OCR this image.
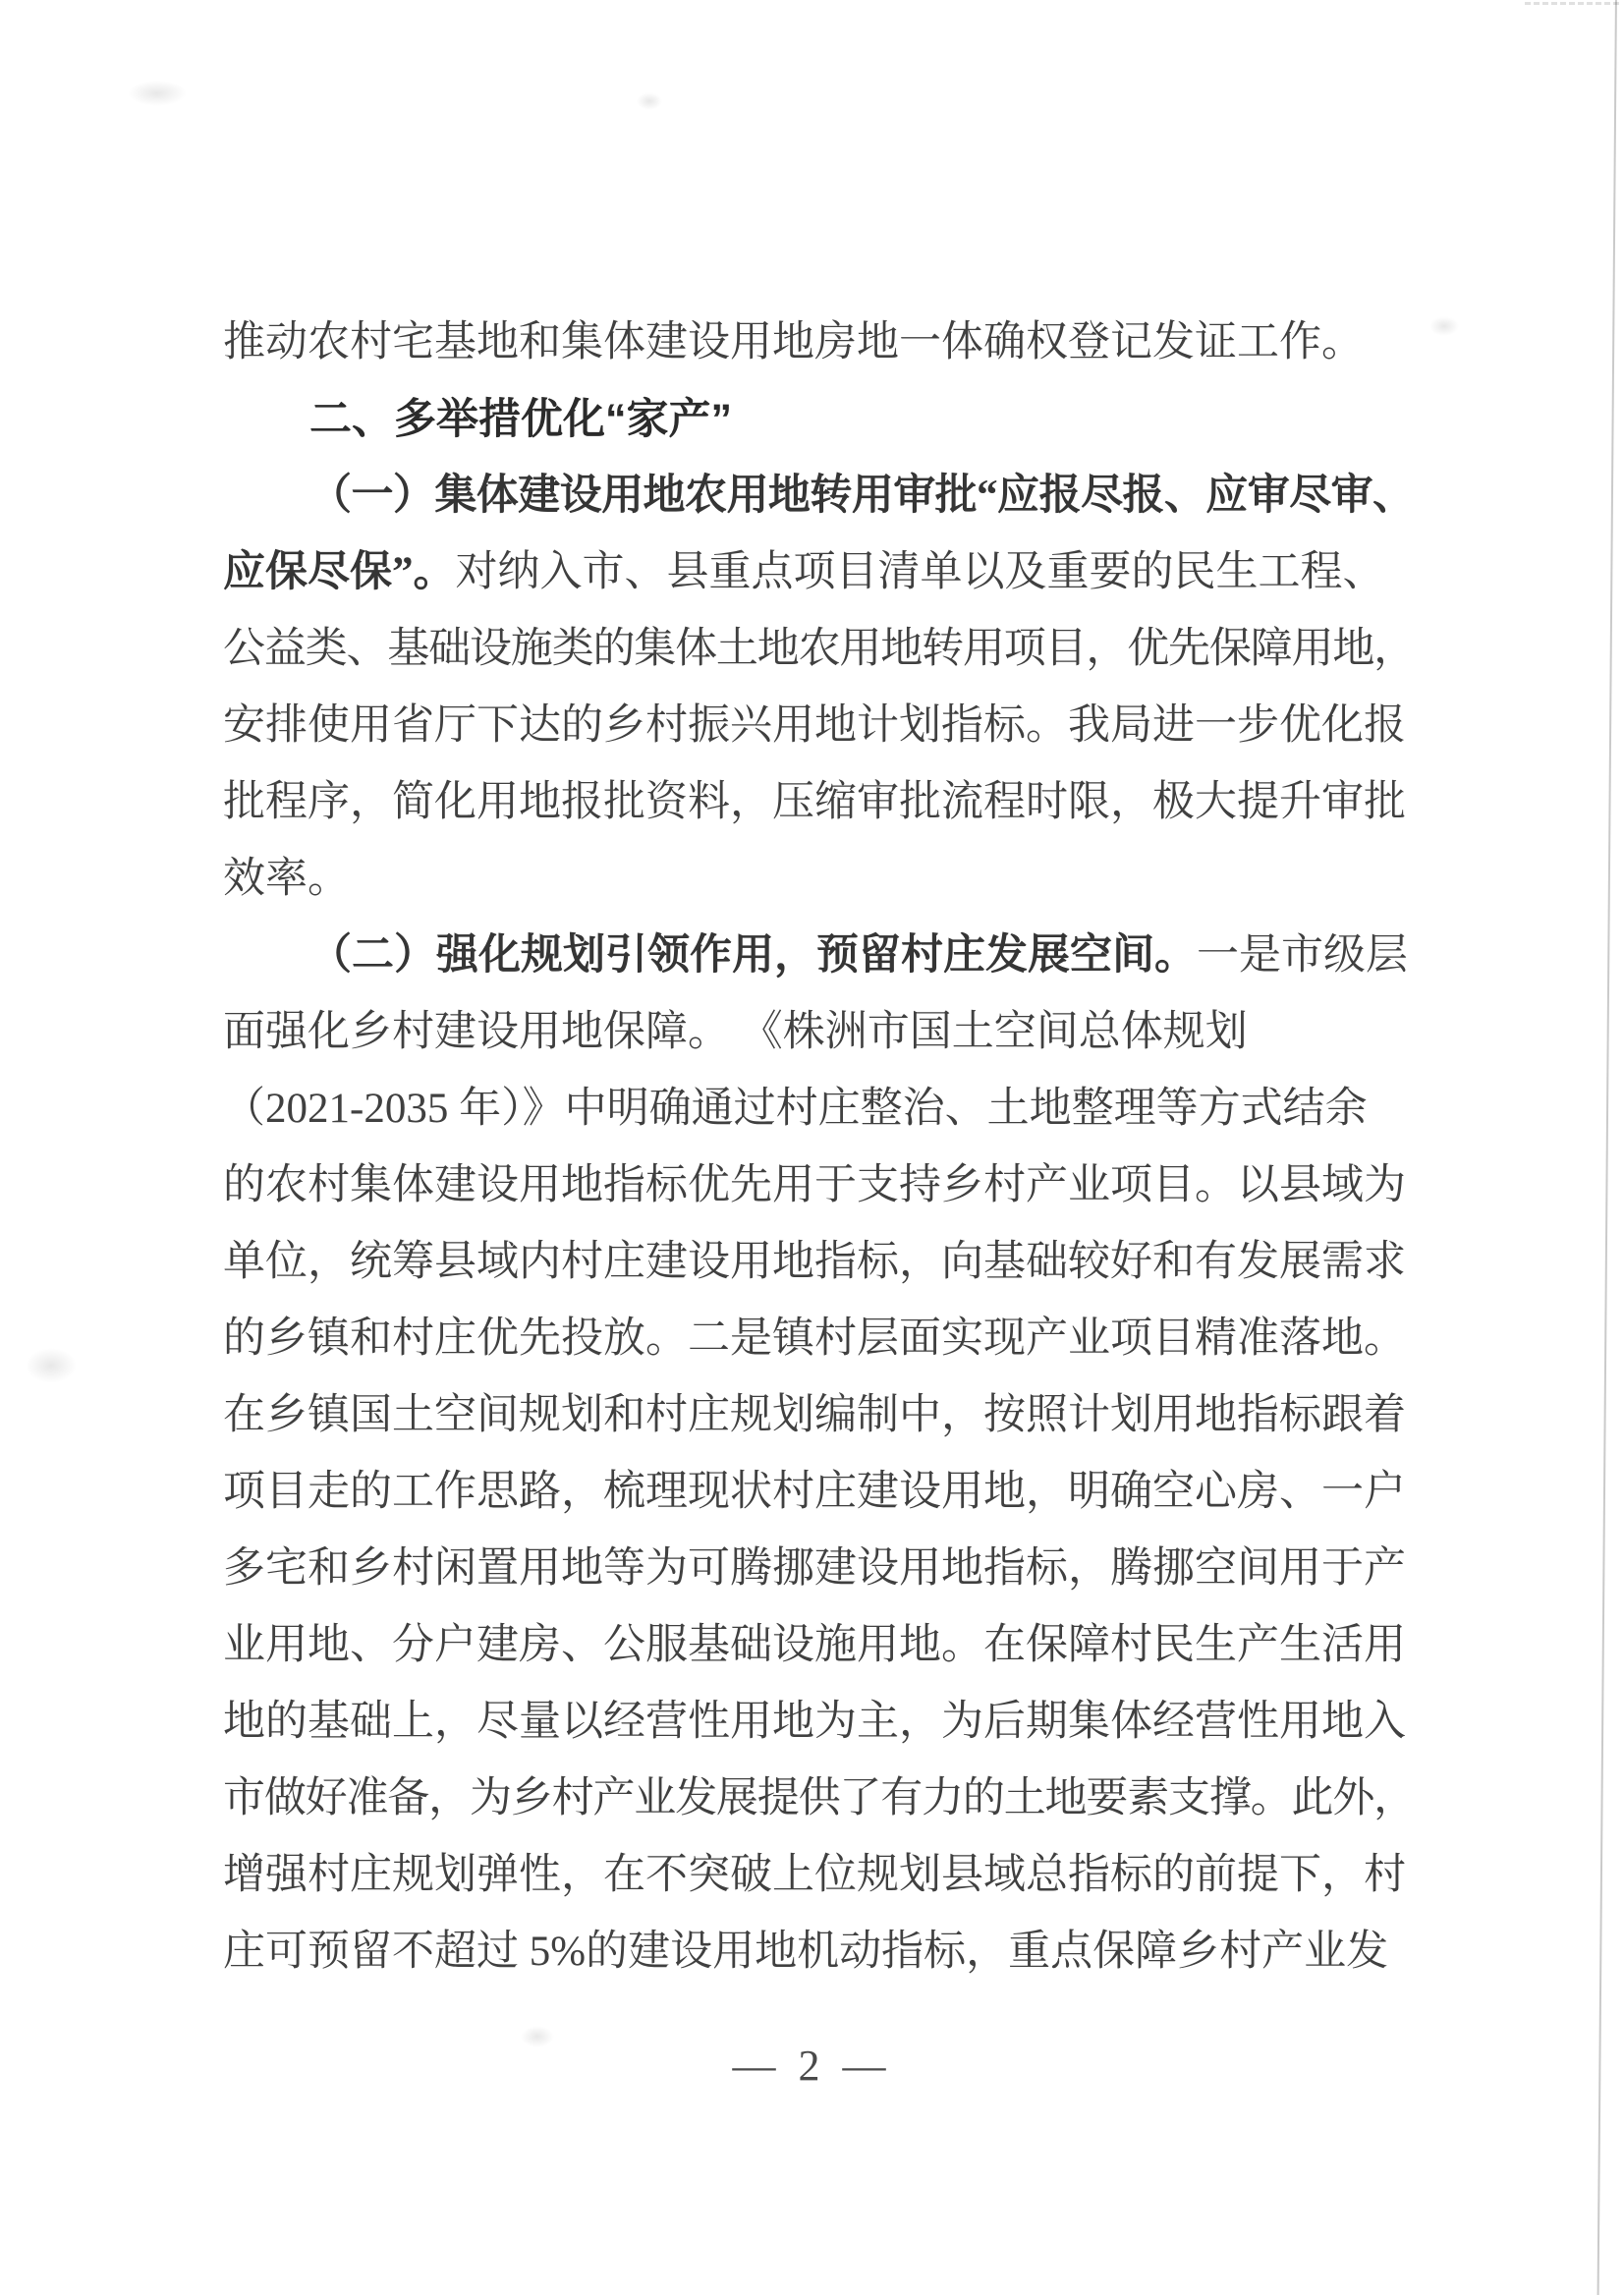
推动农村宅基地和集体建设用地房地一体确权登记发证工作。
二、多举措优化“家产”
（一）集体建设用地农用地转用审批“应报尽报、应审尽审、
应保尽保”。对纳入市、县重点项目清单以及重要的民生工程、
公益类、基础设施类的集体土地农用地转用项目，优先保障用地，
安排使用省厅下达的乡村振兴用地计划指标。我局进一步优化报
批程序，简化用地报批资料，压缩审批流程时限，极大提升审批
效率。
（二）强化规划引领作用，预留村庄发展空间。一是市级层
面强化乡村建设用地保障。 《株洲市国土空间总体规划
（2021-2035 年）》中明确通过村庄整治、土地整理等方式结余
的农村集体建设用地指标优先用于支持乡村产业项目。以县域为
单位，统筹县域内村庄建设用地指标，向基础较好和有发展需求
的乡镇和村庄优先投放。二是镇村层面实现产业项目精准落地。
在乡镇国土空间规划和村庄规划编制中，按照计划用地指标跟着
项目走的工作思路，梳理现状村庄建设用地，明确空心房、一户
多宅和乡村闲置用地等为可腾挪建设用地指标，腾挪空间用于产
业用地、分户建房、公服基础设施用地。在保障村民生产生活用
地的基础上，尽量以经营性用地为主，为后期集体经营性用地入
市做好准备，为乡村产业发展提供了有力的土地要素支撑。此外，
增强村庄规划弹性，在不突破上位规划县域总指标的前提下，村
庄可预留不超过 5%的建设用地机动指标，重点保障乡村产业发
— 2 —
